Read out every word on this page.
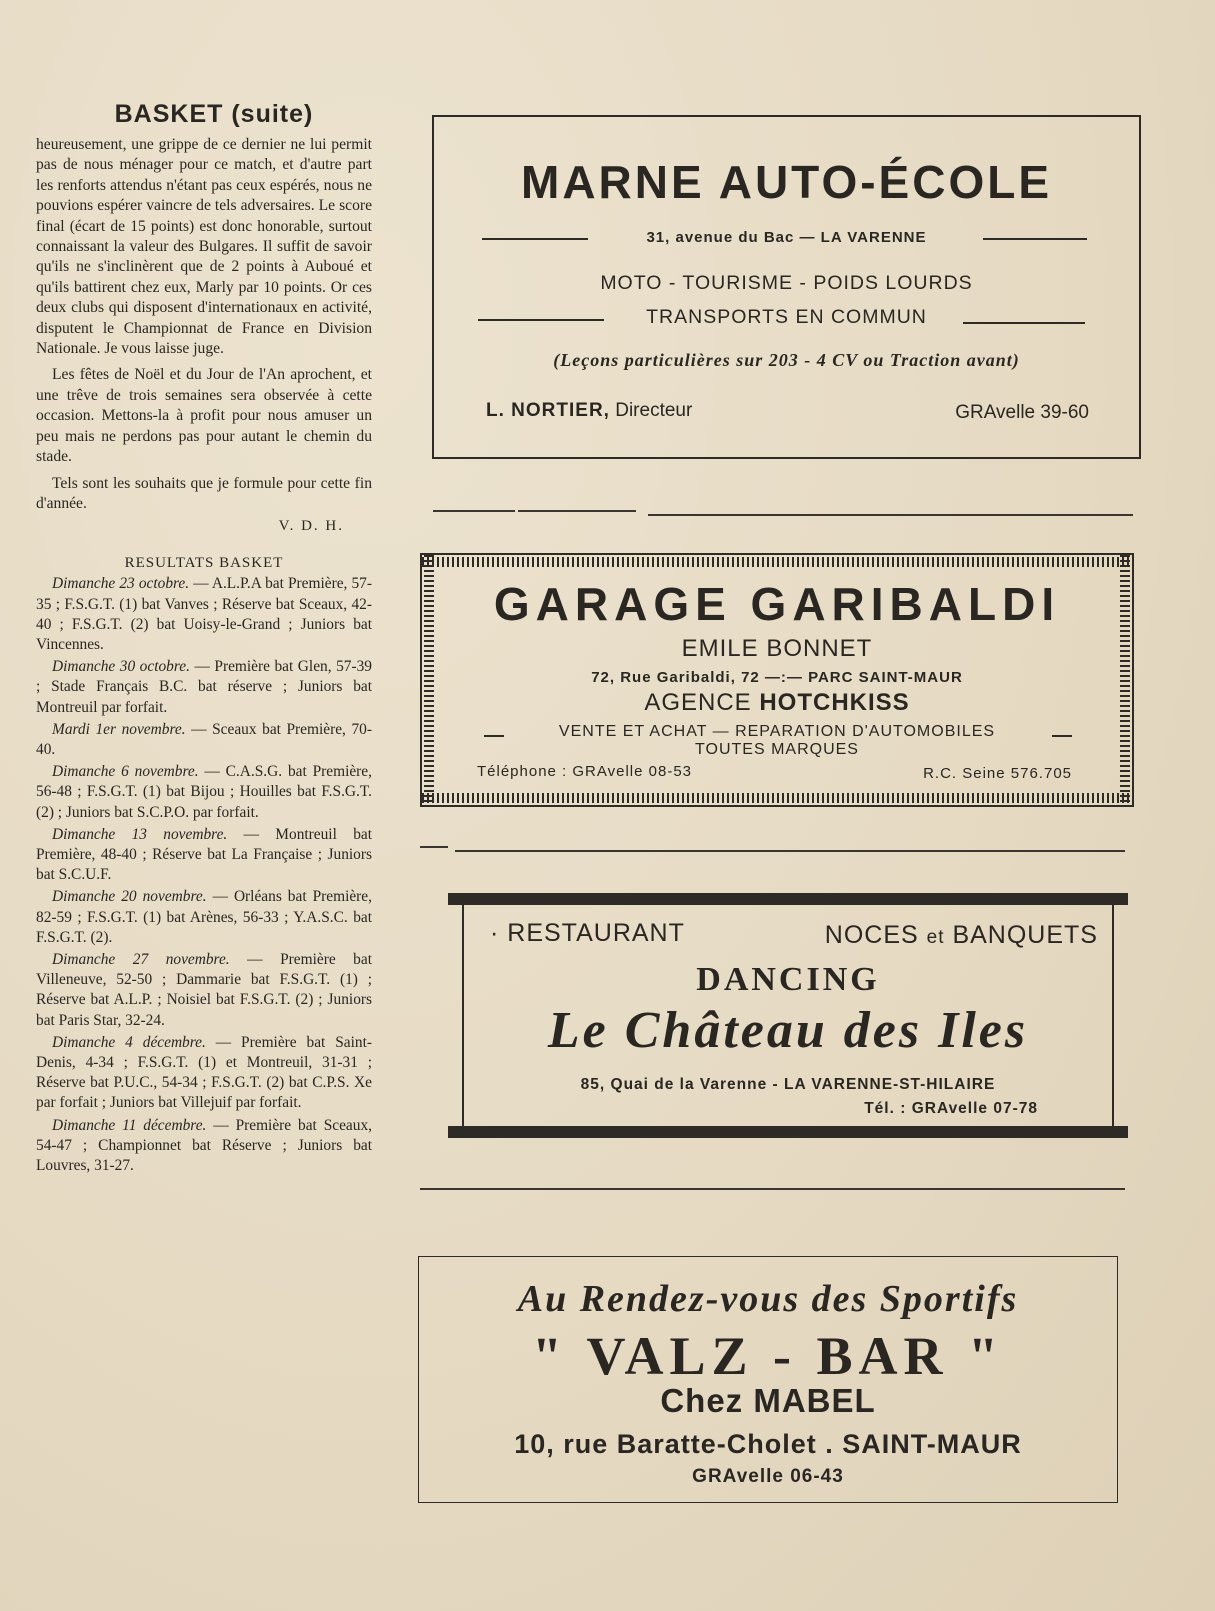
BASKET (suite)

heureusement, une grippe de ce dernier ne lui permit pas de nous ménager pour ce match, et d'autre part les renforts attendus n'étant pas ceux espérés, nous ne pouvions espérer vaincre de tels adversaires. Le score final (écart de 15 points) est donc honorable, surtout connaissant la valeur des Bulgares. Il suffit de savoir qu'ils ne s'inclinèrent que de 2 points à Auboué et qu'ils battirent chez eux, Marly par 10 points. Or ces deux clubs qui disposent d'internationaux en activité, disputent le Championnat de France en Division Nationale. Je vous laisse juge.

Les fêtes de Noël et du Jour de l'An aprochent, et une trêve de trois semaines sera observée à cette occasion. Mettons-la à profit pour nous amuser un peu mais ne perdons pas pour autant le chemin du stade.

Tels sont les souhaits que je formule pour cette fin d'année.

V. D. H.
RESULTATS BASKET

Dimanche 23 octobre. — A.L.P.A bat Première, 57-35 ; F.S.G.T. (1) bat Vanves ; Réserve bat Sceaux, 42-40 ; F.S.G.T. (2) bat Uoisy-le-Grand ; Juniors bat Vincennes.

Dimanche 30 octobre. — Première bat Glen, 57-39 ; Stade Français B.C. bat réserve ; Juniors bat Montreuil par forfait.

Mardi 1er novembre. — Sceaux bat Première, 70-40.

Dimanche 6 novembre. — C.A.S.G. bat Première, 56-48 ; F.S.G.T. (1) bat Bijou ; Houilles bat F.S.G.T. (2) ; Juniors bat S.C.P.O. par forfait.

Dimanche 13 novembre. — Montreuil bat Première, 48-40 ; Réserve bat La Française ; Juniors bat S.C.U.F.

Dimanche 20 novembre. — Orléans bat Première, 82-59 ; F.S.G.T. (1) bat Arènes, 56-33 ; Y.A.S.C. bat F.S.G.T. (2).

Dimanche 27 novembre. — Première bat Villeneuve, 52-50 ; Dammarie bat F.S.G.T. (1) ; Réserve bat A.L.P. ; Noisiel bat F.S.G.T. (2) ; Juniors bat Paris Star, 32-24.

Dimanche 4 décembre. — Première bat Saint-Denis, 4-34 ; F.S.G.T. (1) et Montreuil, 31-31 ; Réserve bat P.U.C., 54-34 ; F.S.G.T. (2) bat C.P.S. Xe par forfait ; Juniors bat Villejuif par forfait.

Dimanche 11 décembre. — Première bat Sceaux, 54-47 ; Championnet bat Réserve ; Juniors bat Louvres, 31-27.

MARNE AUTO-ÉCOLE
31, avenue du Bac — LA VARENNE
MOTO - TOURISME - POIDS LOURDS
TRANSPORTS EN COMMUN
(Leçons particulières sur 203 - 4 CV ou Traction avant)
L. NORTIER, Directeur	GRAvelle 39-60
GARAGE GARIBALDI
EMILE BONNET
72, Rue Garibaldi, 72 —:— PARC SAINT-MAUR
AGENCE HOTCHKISS
VENTE ET ACHAT — REPARATION D'AUTOMOBILES
TOUTES MARQUES
Téléphone : GRAvelle 08-53	R.C. Seine 576.705
· RESTAURANT	NOCES et BANQUETS
DANCING
Le Château des Iles
85, Quai de la Varenne - LA VARENNE-ST-HILAIRE
Tél. : GRAvelle 07-78
Au Rendez-vous des Sportifs
" VALZ - BAR "
Chez MABEL
10, rue Baratte-Cholet . SAINT-MAUR
GRAvelle 06-43
